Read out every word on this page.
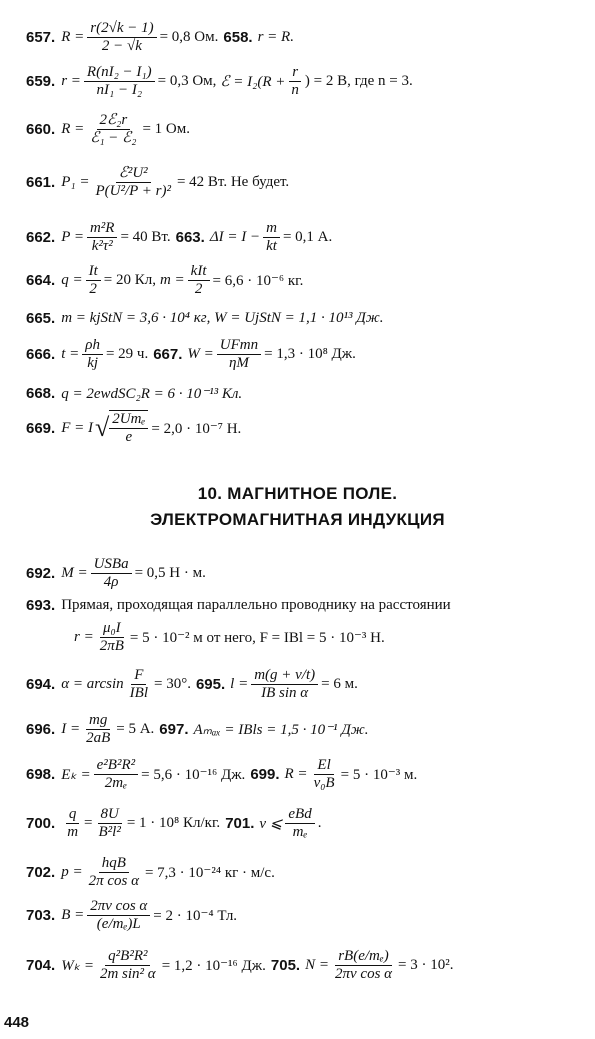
657. $R = \frac{r(2√k - 1)}{2 - √k} = 0,8$ Ом. 658. r = R.
659. $r = \frac{\text{R(nI₂ − I₁)}}{\text{nI₁ − I₂}} = 0,3$ Ом, ℰ = $I_2(R + \frac{r}{n}$ ) = 2 В, где n = 3.
660. $R = \frac{\text{2ℰ₂r}}{\text{ℰ₁ − ℰ₂}} = 1$ Ом.
661. $P_1 = \frac{\text{ℰ²U²}}{\text{P(U²/P + r)²}} = 42$ Вт. Не будет.
662. $P = \frac{\text{m²R}}{\text{k²τ²}} = 40$ Вт. 663. $\Delta I = I - \frac{m}{kt} = 0,1$ А.
664. $q = \frac{It}{2} = 20$ Кл, $m = \frac{\text{kIt}}{2} = 6,6 \cdot 10^{-6}$ кг.
665. m = kjStN = 3,6 · 10⁴ кг, W = UjStN = 1,1 · 10¹³ Дж.
666. $t = \frac{\rho h}{kj} = 29$ ч. 667. $W = \frac{\text{UFmn}}{\eta M} = 1,3 \cdot 10^8$ Дж.
668. q = 2ewdSC₂R = 6 · 10⁻¹³ Кл.
669. F = I √ $\frac{\text{2Umₑ}}{e} = 2,0 \cdot 10^{-7}$ Н.
10. МАГНИТНОЕ ПОЛЕ.
ЭЛЕКТРОМАГНИТНАЯ ИНДУКЦИЯ
692. $M = \frac{\text{USBa}}{4\rho} = 0,5$ Н · м.
693. Прямая, проходящая параллельно проводнику на расстоянии
$r = \frac{\text{μ₀I}}{2\pi B} = 5 \cdot 10^{-2}$ м от него, F = IBl = 5 · 10⁻³ Н.
694. $\alpha = \arcsin \frac{F}{\text{IBl}} = 30^\circ$. 695. $l = \frac{m(g + v/t)}{\text{IB sin α}} = 6$ м.
696. $I = \frac{mg}{2aB} = 5$ А. 697. Aₘₐₓ = IBls = 1,5 · 10⁻¹ Дж.
698. $E_k = \frac{\text{e²B²R²}}{\text{2mₑ}} = 5,6 \cdot 10^{-16}$ Дж. 699. $R = \frac{El}{\text{v₀B}} = 5 \cdot 10^{-3}$ м.
700. $\frac{q}{m} = \frac{8U}{\text{B²l²}} = 1 \cdot 10^8$ Кл/кг. 701. v ⩽ $\frac{\text{eBd}}{\text{mₑ}}$ .
702. $p = \frac{\text{hqB}}{\text{2π cos α}} = 7,3 \cdot 10^{-24}$ кг · м/с.
703. $B = \frac{\text{2πv cos α}}{\text{(e/mₑ)L}} = 2 \cdot 10^{-4}$ Тл.
704. $W_k = \frac{\text{q²B²R²}}{\text{2m sin² α}} = 1,2 \cdot 10^{-16}$ Дж. 705. $N = \frac{\text{rB(e/mₑ)}}{\text{2πv cos α}} = 3 \cdot 10^2$.
448
